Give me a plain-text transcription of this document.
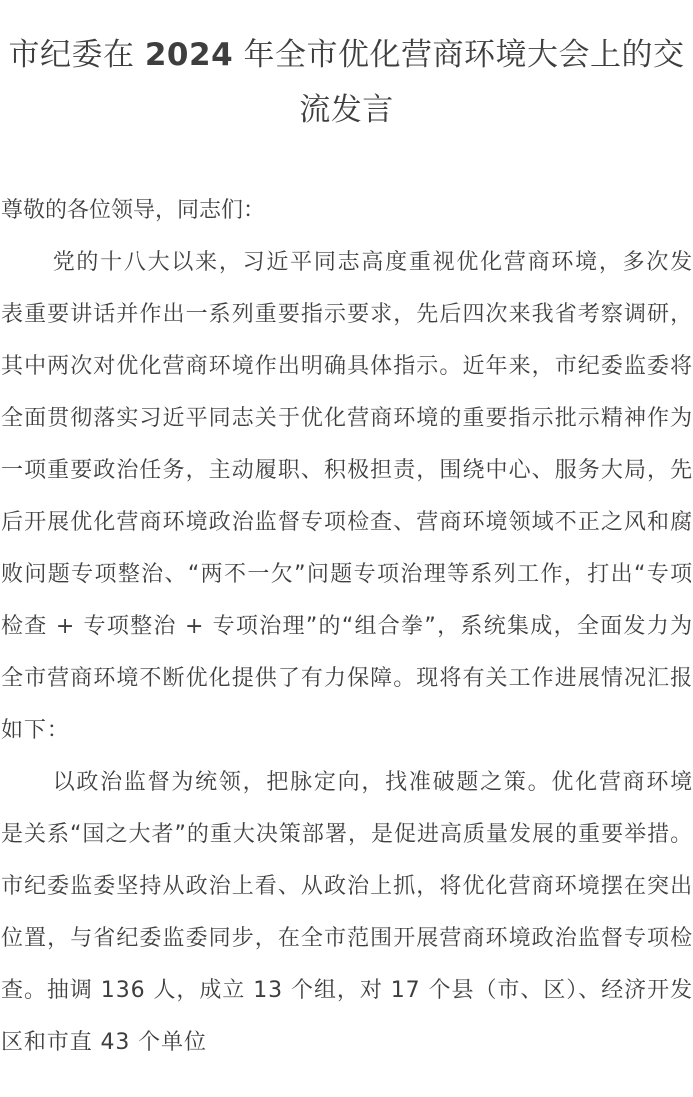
市纪委在 2024 年全市优化营商环境大会上的交流发言

尊敬的各位领导，同志们：

党的十八大以来，习近平同志高度重视优化营商环境，多次发表重要讲话并作出一系列重要指示要求，先后四次来我省考察调研，其中两次对优化营商环境作出明确具体指示。近年来，市纪委监委将全面贯彻落实习近平同志关于优化营商环境的重要指示批示精神作为一项重要政治任务，主动履职、积极担责，围绕中心、服务大局，先后开展优化营商环境政治监督专项检查、营商环境领域不正之风和腐败问题专项整治、“两不一欠”问题专项治理等系列工作，打出“专项检查 + 专项整治 + 专项治理”的“组合拳”，系统集成，全面发力为全市营商环境不断优化提供了有力保障。现将有关工作进展情况汇报如下：

以政治监督为统领，把脉定向，找准破题之策。优化营商环境是关系“国之大者”的重大决策部署，是促进高质量发展的重要举措。市纪委监委坚持从政治上看、从政治上抓，将优化营商环境摆在突出位置，与省纪委监委同步，在全市范围开展营商环境政治监督专项检查。抽调 136 人，成立 13 个组，对 17 个县（市、区）、经济开发区和市直 43 个单位
